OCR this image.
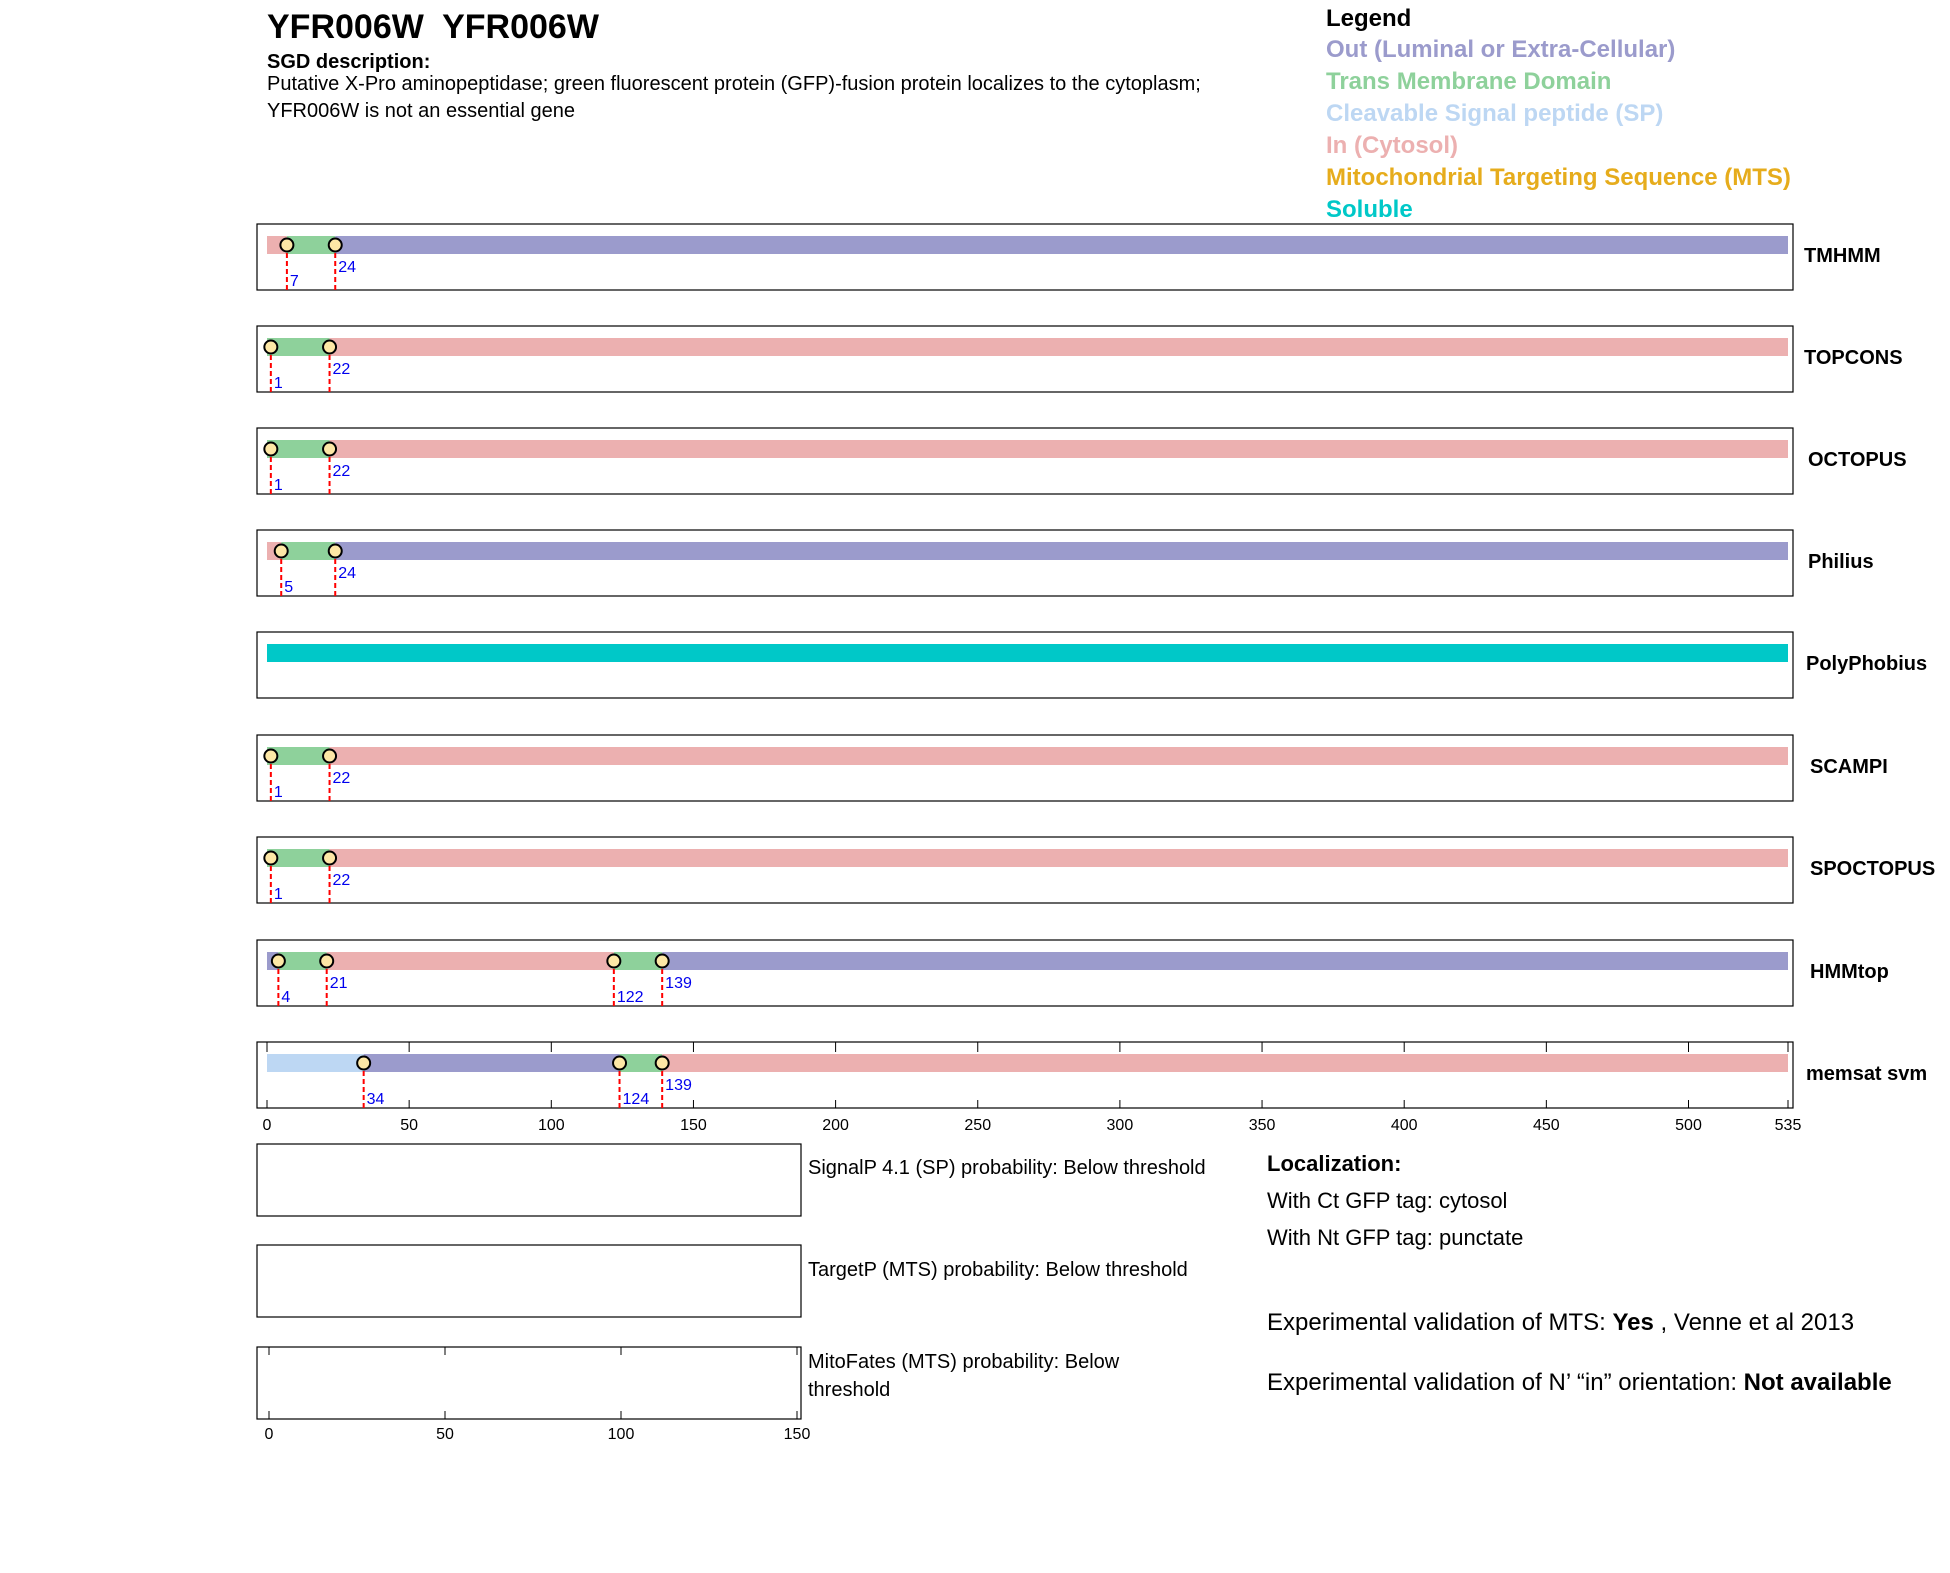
7
24
TMHMM
1
22
TOPCONS
1
22
OCTOPUS
5
24
Philius
PolyPhobius
1
22
SCAMPI
1
22
SPOCTOPUS
4
21
122
139
HMMtop
34	124
139
memsat svm
0	50	100	150	200	250	300	350	400	450	500	535
0	50	100	150
YFR006W  YFR006W
SGD description:
Putative X-Pro aminopeptidase; green fluorescent protein (GFP)-fusion protein localizes to the cytoplasm; YFR006W is not an essential gene
Legend
Out (Luminal or Extra-Cellular)
Trans Membrane Domain
Cleavable Signal peptide (SP)
In (Cytosol)
Mitochondrial Targeting Sequence (MTS)
Soluble
SignalP 4.1 (SP) probability: Below threshold
TargetP (MTS) probability: Below threshold
MitoFates (MTS) probability: Below threshold
Localization:
With Ct GFP tag: cytosol
With Nt GFP tag: punctate
Experimental validation of MTS: Yes , Venne et al 2013
Experimental validation of N’ “in” orientation: Not available
